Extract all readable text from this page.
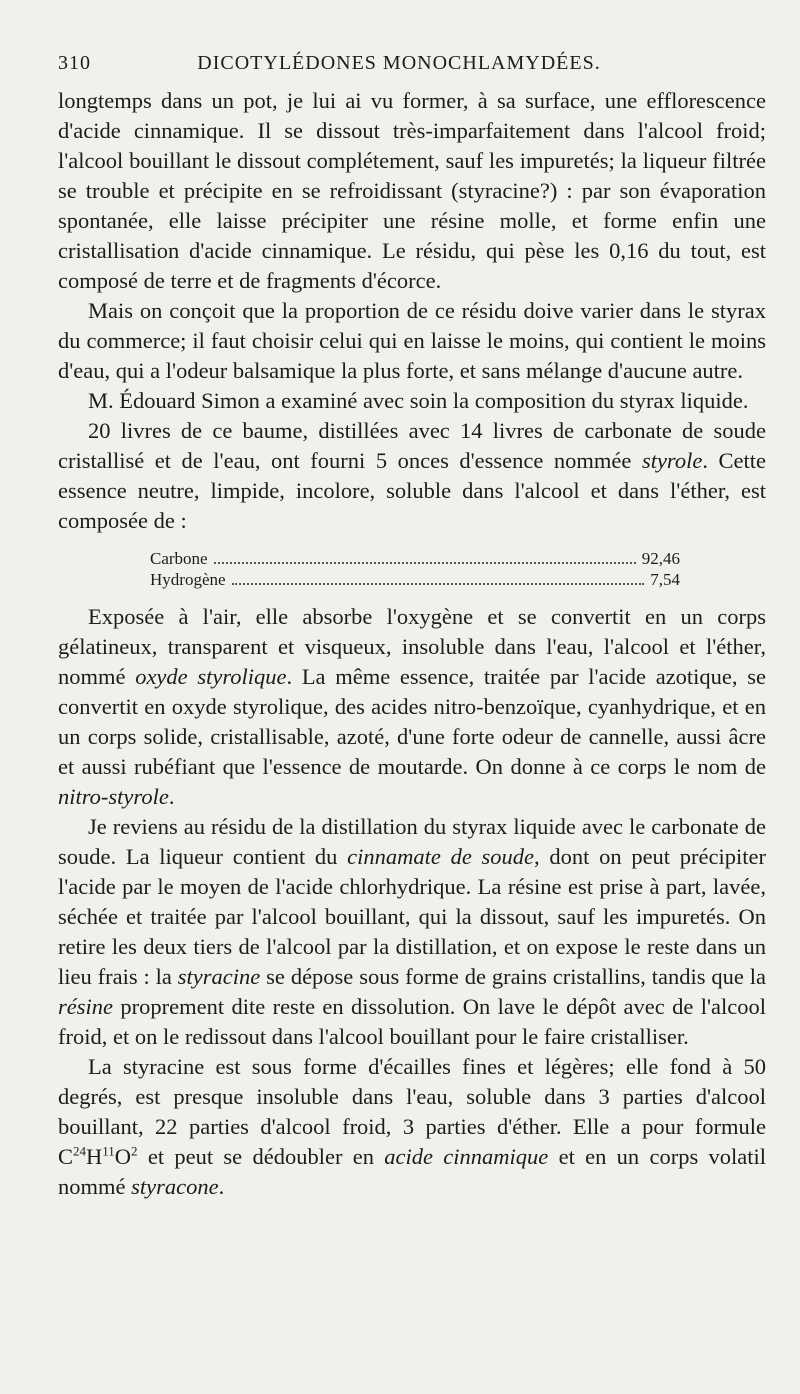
310	DICOTYLÉDONES MONOCHLAMYDÉES.

longtemps dans un pot, je lui ai vu former, à sa surface, une efflorescence d'acide cinnamique. Il se dissout très-imparfaitement dans l'alcool froid; l'alcool bouillant le dissout complétement, sauf les impuretés; la liqueur filtrée se trouble et précipite en se refroidissant (styracine?) : par son évaporation spontanée, elle laisse précipiter une résine molle, et forme enfin une cristallisation d'acide cinnamique. Le résidu, qui pèse les 0,16 du tout, est composé de terre et de fragments d'écorce.

Mais on conçoit que la proportion de ce résidu doive varier dans le styrax du commerce; il faut choisir celui qui en laisse le moins, qui contient le moins d'eau, qui a l'odeur balsamique la plus forte, et sans mélange d'aucune autre.

M. Édouard Simon a examiné avec soin la composition du styrax liquide.

20 livres de ce baume, distillées avec 14 livres de carbonate de soude cristallisé et de l'eau, ont fourni 5 onces d'essence nommée styrole. Cette essence neutre, limpide, incolore, soluble dans l'alcool et dans l'éther, est composée de :

Carbone	92,46
Hydrogène	7,54

Exposée à l'air, elle absorbe l'oxygène et se convertit en un corps gélatineux, transparent et visqueux, insoluble dans l'eau, l'alcool et l'éther, nommé oxyde styrolique. La même essence, traitée par l'acide azotique, se convertit en oxyde styrolique, des acides nitro-benzoïque, cyanhydrique, et en un corps solide, cristallisable, azoté, d'une forte odeur de cannelle, aussi âcre et aussi rubéfiant que l'essence de moutarde. On donne à ce corps le nom de nitro-styrole.

Je reviens au résidu de la distillation du styrax liquide avec le carbonate de soude. La liqueur contient du cinnamate de soude, dont on peut précipiter l'acide par le moyen de l'acide chlorhydrique. La résine est prise à part, lavée, séchée et traitée par l'alcool bouillant, qui la dissout, sauf les impuretés. On retire les deux tiers de l'alcool par la distillation, et on expose le reste dans un lieu frais : la styracine se dépose sous forme de grains cristallins, tandis que la résine proprement dite reste en dissolution. On lave le dépôt avec de l'alcool froid, et on le redissout dans l'alcool bouillant pour le faire cristalliser.

La styracine est sous forme d'écailles fines et légères; elle fond à 50 degrés, est presque insoluble dans l'eau, soluble dans 3 parties d'alcool bouillant, 22 parties d'alcool froid, 3 parties d'éther. Elle a pour formule $C^{24}H^{11}O^2$ et peut se dédoubler en acide cinnamique et en un corps volatil nommé styracone.
